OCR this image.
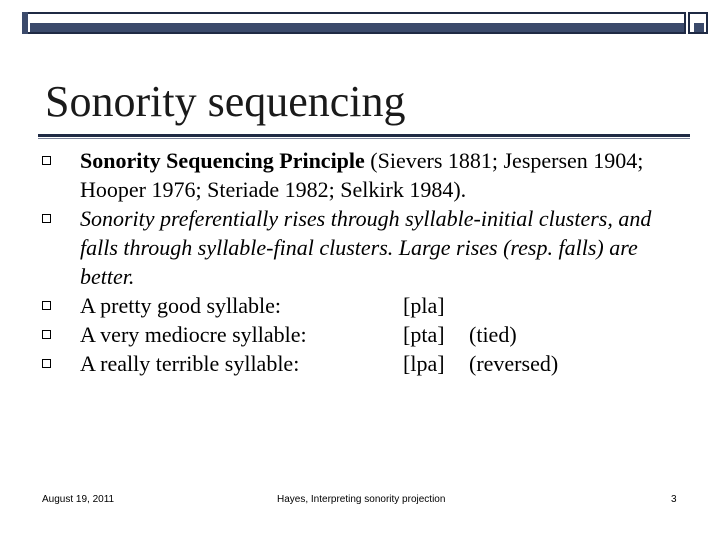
Sonority sequencing
Sonority Sequencing Principle (Sievers 1881; Jespersen 1904; Hooper 1976; Steriade 1982; Selkirk 1984).
Sonority preferentially rises through syllable-initial clusters, and falls through syllable-final clusters. Large rises (resp. falls) are better.
A pretty good syllable:	[pla]
A very mediocre syllable:	[pta]	(tied)
A really terrible syllable:	[lpa]	(reversed)
August 19, 2011	Hayes, Interpreting sonority projection	3
